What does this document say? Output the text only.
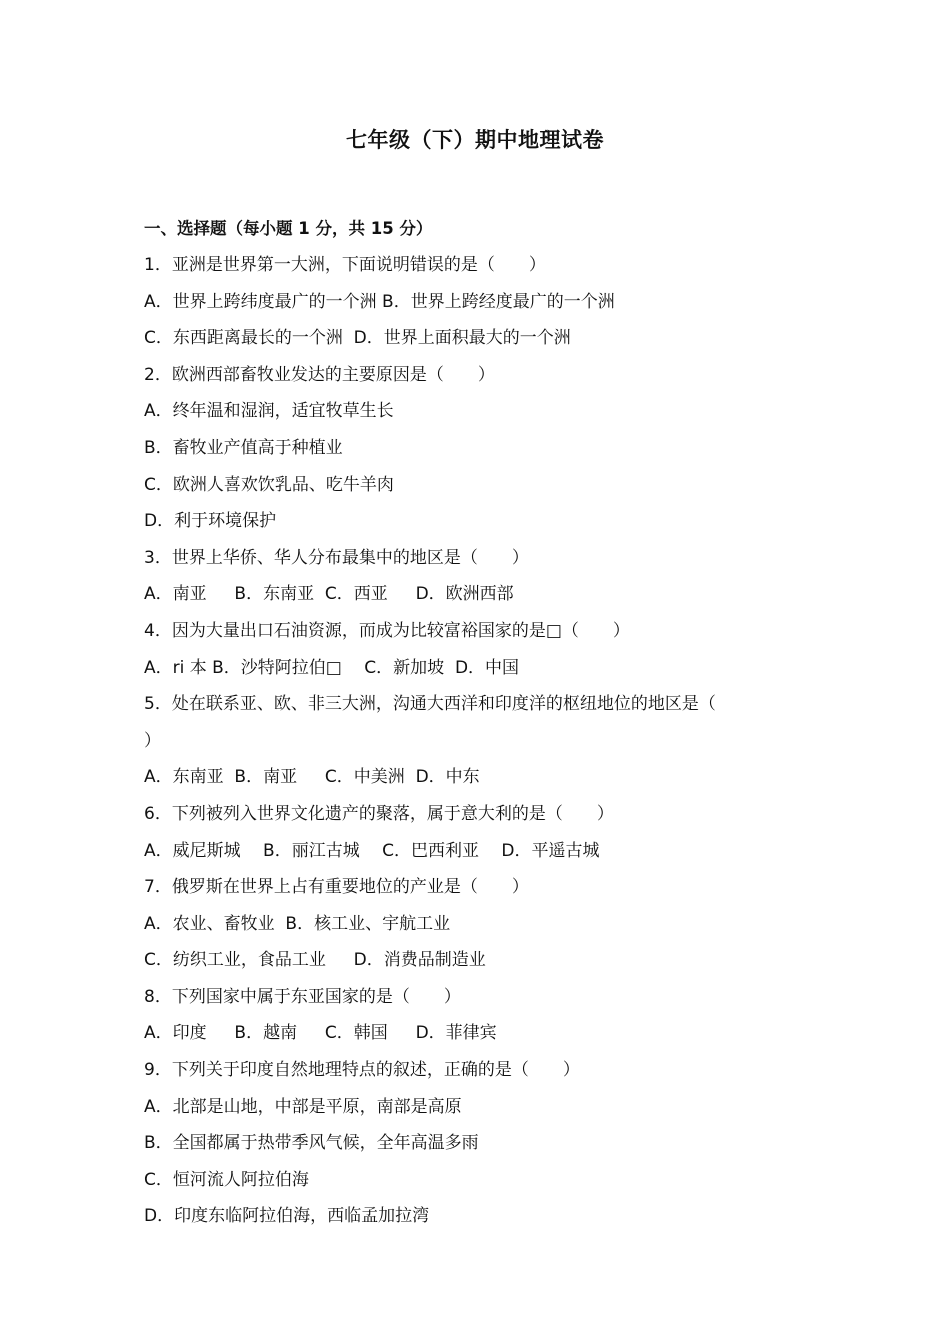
七年级（下）期中地理试卷
一、选择题（每小题 1 分，共 15 分）
1．亚洲是世界第一大洲，下面说明错误的是（　　）
A．世界上跨纬度最广的一个洲 B．世界上跨经度最广的一个洲
C．东西距离最长的一个洲  D．世界上面积最大的一个洲
2．欧洲西部畜牧业发达的主要原因是（　　）
A．终年温和湿润，适宜牧草生长
B．畜牧业产值高于种植业
C．欧洲人喜欢饮乳品、吃牛羊肉
D．利于环境保护
3．世界上华侨、华人分布最集中的地区是（　　）
A．南亚　  B．东南亚  C．西亚　  D．欧洲西部
4．因为大量出口石油资源，而成为比较富裕国家的是□（　　）
A．ri 本 B．沙特阿拉伯□　 C．新加坡  D．中国
5．处在联系亚、欧、非三大洲，沟通大西洋和印度洋的枢纽地位的地区是（
）
A．东南亚  B．南亚　  C．中美洲  D．中东
6．下列被列入世界文化遗产的聚落，属于意大利的是（　　）
A．威尼斯城　 B．丽江古城　 C．巴西利亚　 D．平遥古城
7．俄罗斯在世界上占有重要地位的产业是（　　）
A．农业、畜牧业  B．核工业、宇航工业
C．纺织工业，食品工业　  D．消费品制造业
8．下列国家中属于东亚国家的是（　　）
A．印度　  B．越南　  C．韩国　  D．菲律宾
9．下列关于印度自然地理特点的叙述，正确的是（　　）
A．北部是山地，中部是平原，南部是高原
B．全国都属于热带季风气候，全年高温多雨
C．恒河流人阿拉伯海
D．印度东临阿拉伯海，西临孟加拉湾
